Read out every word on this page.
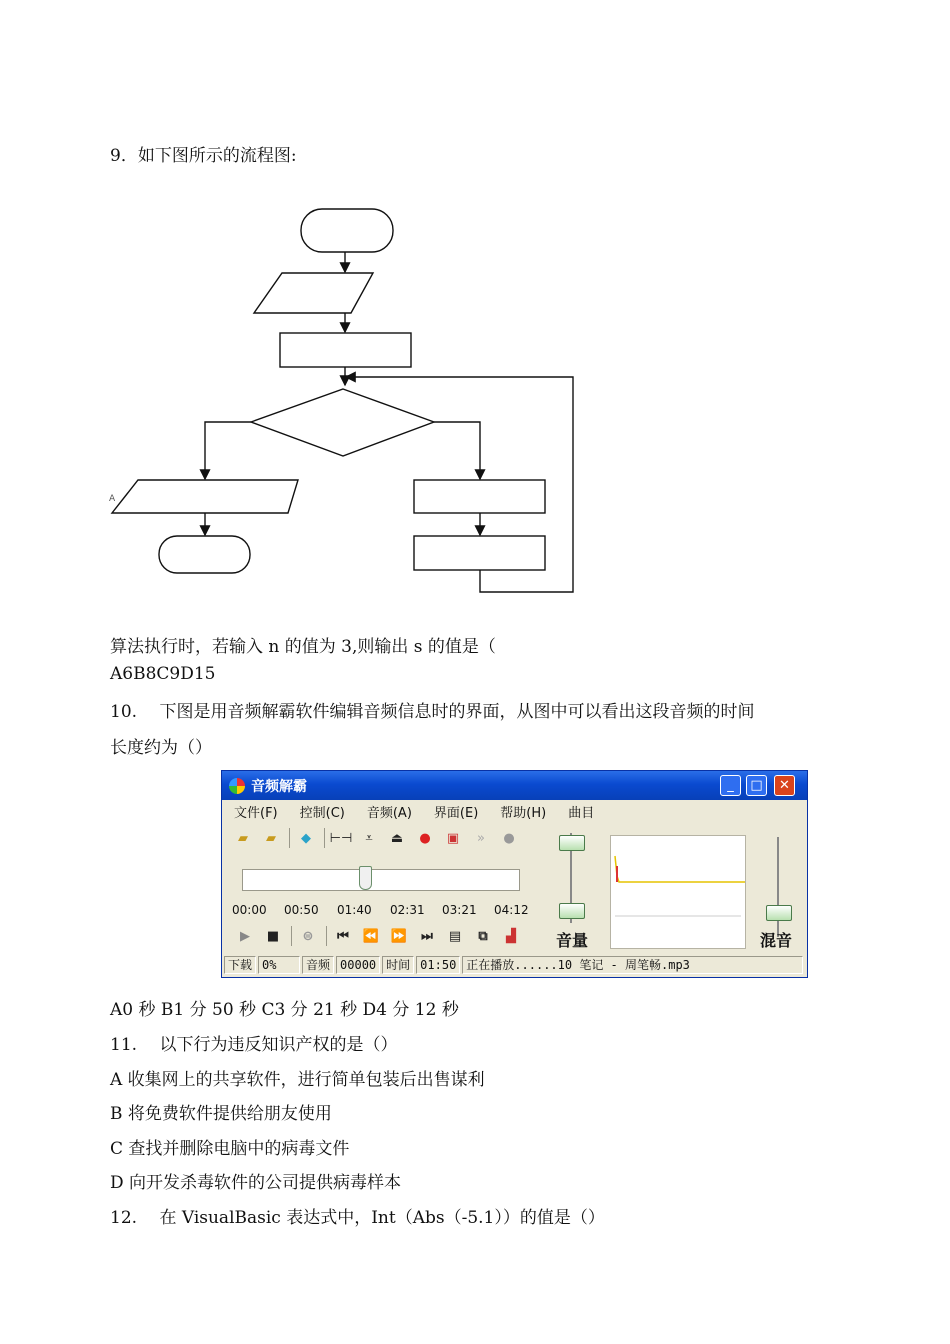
9．如下图所示的流程图:
A
算法执行时，若输入 n 的值为 3,则输出 s 的值是（
A6B8C9D15
10.　 下图是用音频解霸软件编辑音频信息时的界面，从图中可以看出这段音频的时间
长度约为（）
音频解霸	_	□	✕
文件(F) 控制(C) 音频(A) 界面(E) 帮助(H) 曲目
▰	▰	◆	⊢⊣	⩡	⏏	●	▣	»	●
00:00 00:50 01:40 02:31 03:21 04:12
▶	■	⊜	⏮	⏪ ⏩	⏭	▤	⧉	▟	音量	混音
下载 0%	音频 00000 时间 01:50 正在播放......10 笔记 - 周笔畅.mp3
A0 秒 B1 分 50 秒 C3 分 21 秒 D4 分 12 秒
11.　 以下行为违反知识产权的是（）
A 收集网上的共享软件，进行简单包装后出售谋利
B 将免费软件提供给朋友使用
C 查找并删除电脑中的病毒文件
D 向开发杀毒软件的公司提供病毒样本
12.　 在 VisualBasic 表达式中，Int（Abs（-5.1））的值是（）
